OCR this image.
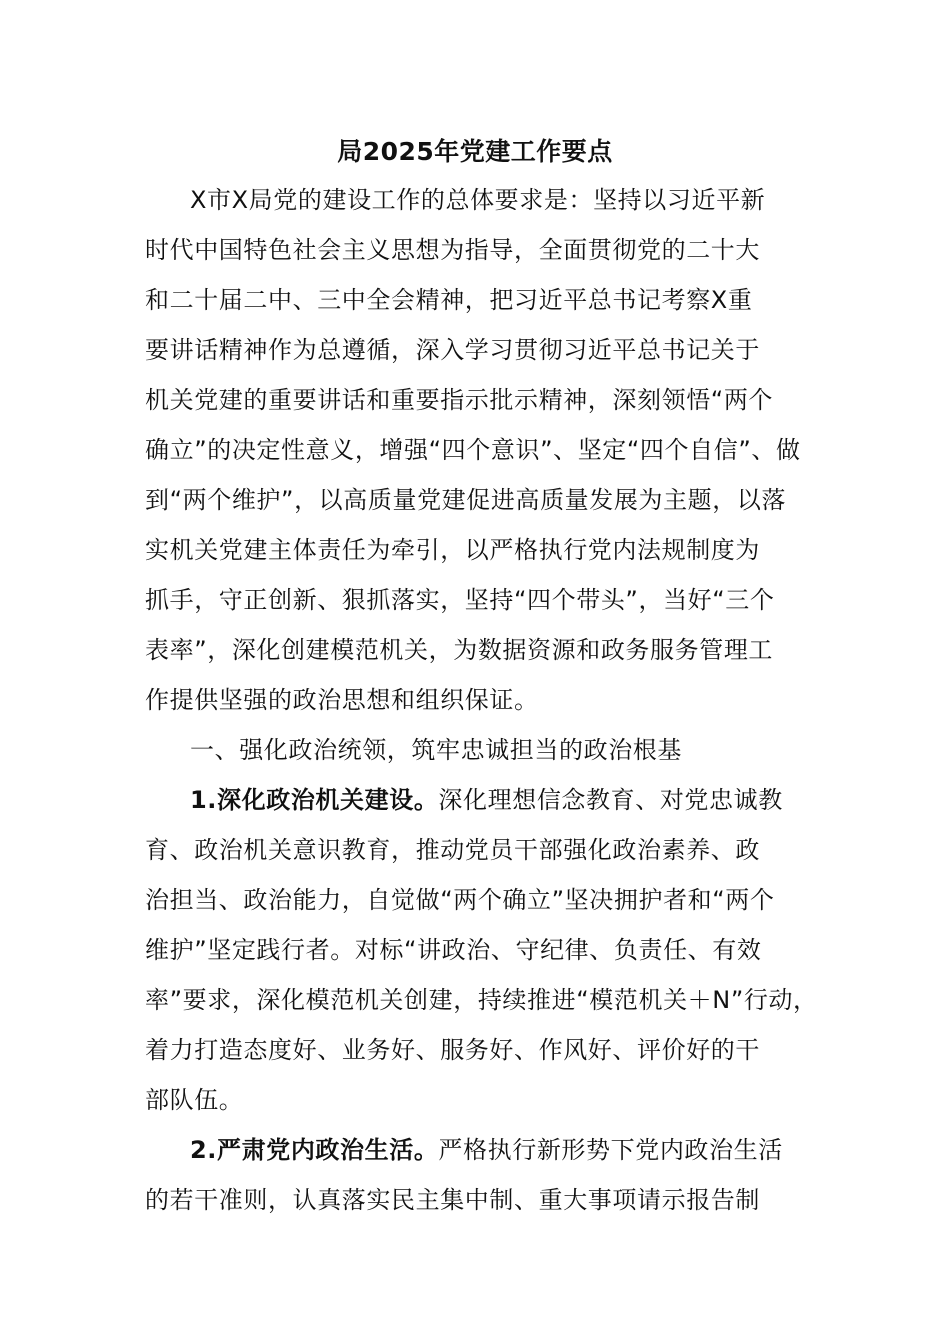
局2025年党建工作要点
X市X局党的建设工作的总体要求是：坚持以习近平新
时代中国特色社会主义思想为指导，全面贯彻党的二十大
和二十届二中、三中全会精神，把习近平总书记考察X重
要讲话精神作为总遵循，深入学习贯彻习近平总书记关于
机关党建的重要讲话和重要指示批示精神，深刻领悟“两个
确立”的决定性意义，增强“四个意识”、坚定“四个自信”、做
到“两个维护”，以高质量党建促进高质量发展为主题，以落
实机关党建主体责任为牵引，以严格执行党内法规制度为
抓手，守正创新、狠抓落实，坚持“四个带头”，当好“三个
表率”，深化创建模范机关，为数据资源和政务服务管理工
作提供坚强的政治思想和组织保证。
一、强化政治统领，筑牢忠诚担当的政治根基
1.深化政治机关建设。深化理想信念教育、对党忠诚教
育、政治机关意识教育，推动党员干部强化政治素养、政
治担当、政治能力，自觉做“两个确立”坚决拥护者和“两个
维护”坚定践行者。对标“讲政治、守纪律、负责任、有效
率”要求，深化模范机关创建，持续推进“模范机关＋N”行动，
着力打造态度好、业务好、服务好、作风好、评价好的干
部队伍。
2.严肃党内政治生活。严格执行新形势下党内政治生活
的若干准则，认真落实民主集中制、重大事项请示报告制
